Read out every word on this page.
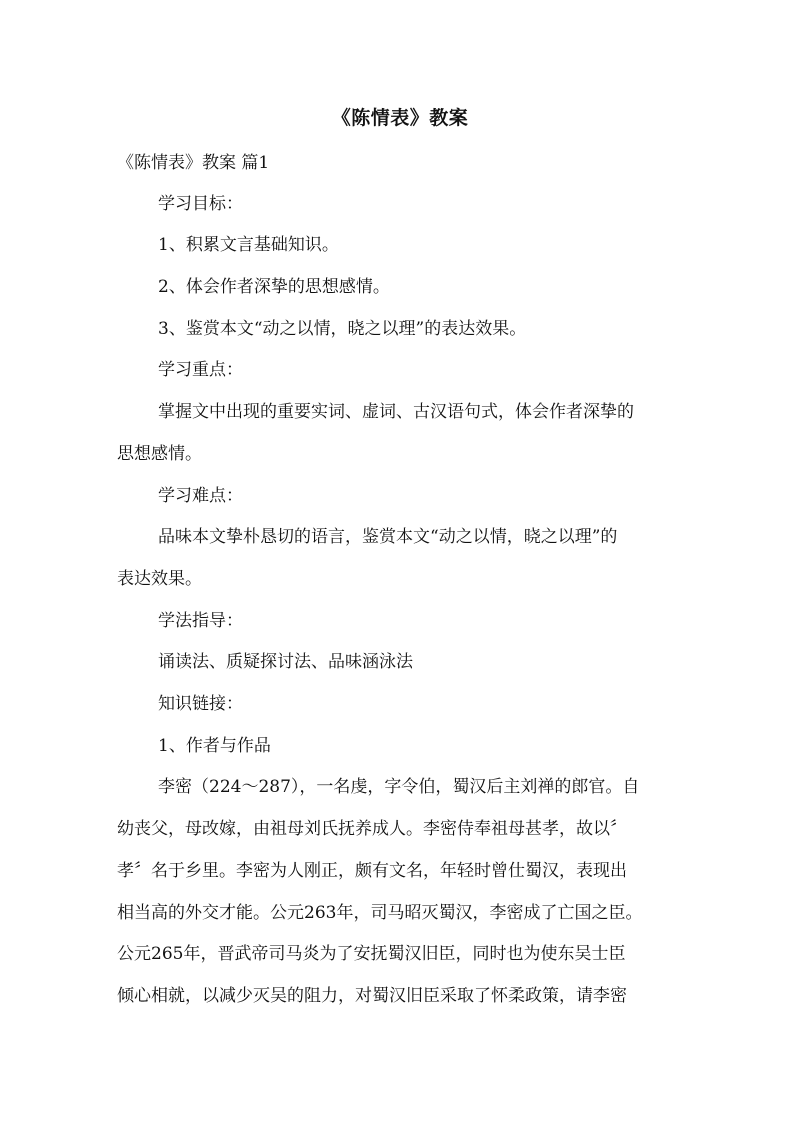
《陈情表》教案
《陈情表》教案 篇1
学习目标：
1、积累文言基础知识。
2、体会作者深挚的思想感情。
3、鉴赏本文“动之以情，晓之以理”的表达效果。
学习重点：
掌握文中出现的重要实词、虚词、古汉语句式，体会作者深挚的
思想感情。
学习难点：
品味本文挚朴恳切的语言，鉴赏本文“动之以情，晓之以理”的
表达效果。
学法指导：
诵读法、质疑探讨法、品味涵泳法
知识链接：
1、作者与作品
李密（224～287），一名虔，字令伯，蜀汉后主刘禅的郎官。自
幼丧父，母改嫁，由祖母刘氏抚养成人。李密侍奉祖母甚孝，故以〞
孝〞名于乡里。李密为人刚正，颇有文名，年轻时曾仕蜀汉，表现出
相当高的外交才能。公元263年，司马昭灭蜀汉，李密成了亡国之臣。
公元265年，晋武帝司马炎为了安抚蜀汉旧臣，同时也为使东吴士臣
倾心相就，以减少灭吴的阻力，对蜀汉旧臣采取了怀柔政策，请李密
